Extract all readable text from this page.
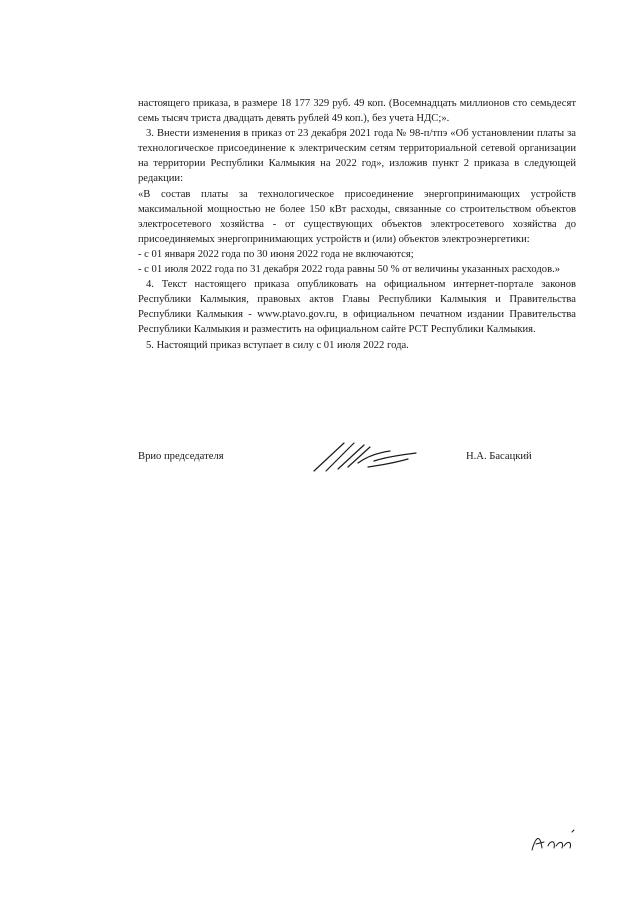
настоящего приказа, в размере 18 177 329 руб. 49 коп. (Восемнадцать миллионов сто семьдесят семь тысяч триста двадцать девять рублей 49 коп.), без учета НДС;».

3. Внести изменения в приказ от 23 декабря 2021 года № 98-п/тпэ «Об установлении платы за технологическое присоединение к электрическим сетям территориальной сетевой организации на территории Республики Калмыкия на 2022 год», изложив пункт 2 приказа в следующей редакции:

«В состав платы за технологическое присоединение энергопринимающих устройств максимальной мощностью не более 150 кВт расходы, связанные со строительством объектов электросетевого хозяйства - от существующих объектов электросетевого хозяйства до присоединяемых энергопринимающих устройств и (или) объектов электроэнергетики:

- с 01 января 2022 года по 30 июня 2022 года не включаются;

- с 01 июля 2022 года по 31 декабря 2022 года равны 50 % от величины указанных расходов.»

4. Текст настоящего приказа опубликовать на официальном интернет-портале законов Республики Калмыкия, правовых актов Главы Республики Калмыкия и Правительства Республики Калмыкия - www.ptavo.gov.ru, в официальном печатном издании Правительства Республики Калмыкия и разместить на официальном сайте РСТ Республики Калмыкия.

5. Настоящий приказ вступает в силу с 01 июля 2022 года.

Врио председателя	Н.А. Басацкий
